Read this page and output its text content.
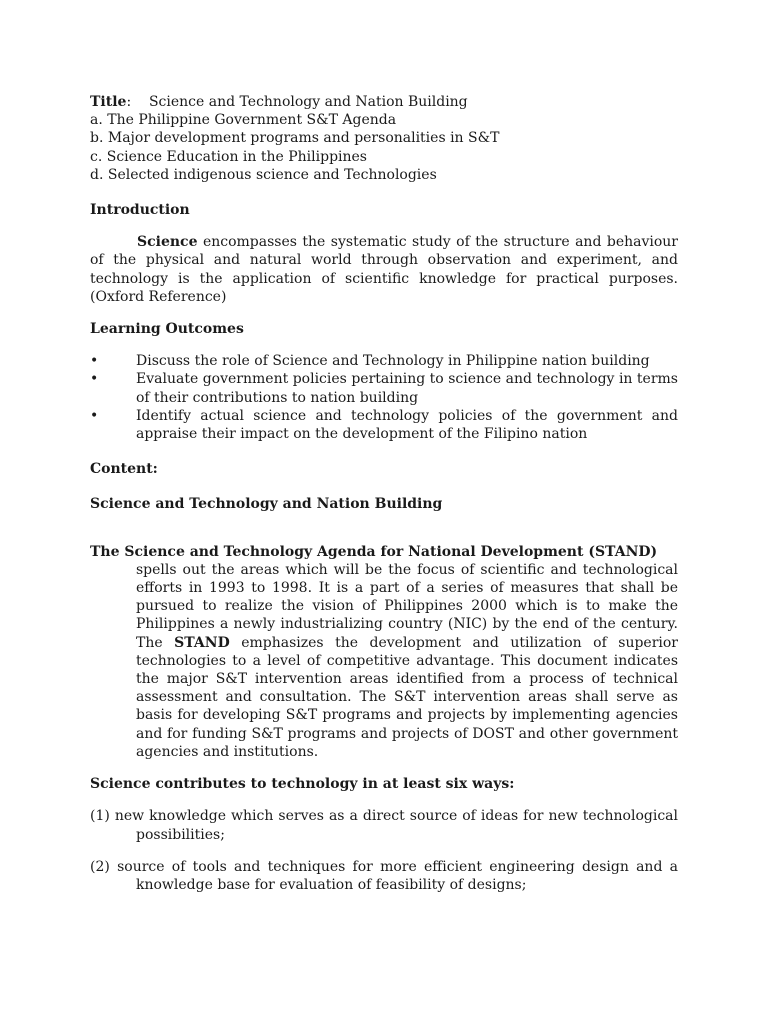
Title: Science and Technology and Nation Building
a. The Philippine Government S&T Agenda
b. Major development programs and personalities in S&T
c. Science Education in the Philippines
d. Selected indigenous science and Technologies
Introduction
Science encompasses the systematic study of the structure and behaviour of the physical and natural world through observation and experiment, and technology is the application of scientific knowledge for practical purposes. (Oxford Reference)
Learning Outcomes
•	Discuss the role of Science and Technology in Philippine nation building
•	Evaluate government policies pertaining to science and technology in terms of their contributions to nation building
•	Identify actual science and technology policies of the government and appraise their impact on the development of the Filipino nation
Content:
Science and Technology and Nation Building
The Science and Technology Agenda for National Development (STAND)
spells out the areas which will be the focus of scientific and technological efforts in 1993 to 1998. It is a part of a series of measures that shall be pursued to realize the vision of Philippines 2000 which is to make the Philippines a newly industrializing country (NIC) by the end of the century. The STAND emphasizes the development and utilization of superior technologies to a level of competitive advantage. This document indicates the major S&T intervention areas identified from a process of technical assessment and consultation. The S&T intervention areas shall serve as basis for developing S&T programs and projects by implementing agencies and for funding S&T programs and projects of DOST and other government agencies and institutions.
Science contributes to technology in at least six ways:
(1) new knowledge which serves as a direct source of ideas for new technological possibilities;
(2) source of tools and techniques for more efficient engineering design and a knowledge base for evaluation of feasibility of designs;
